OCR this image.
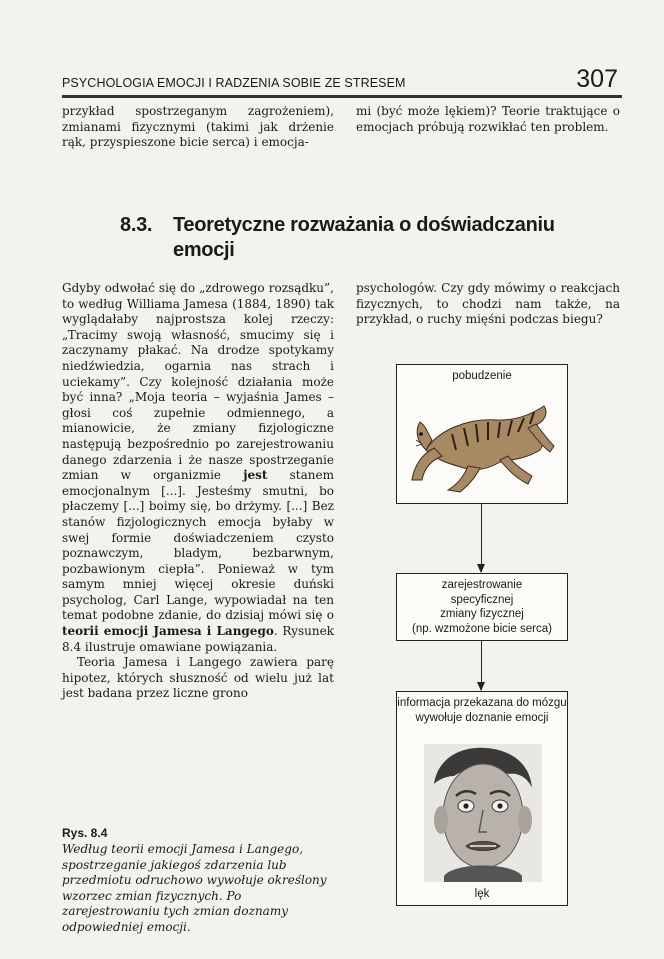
PSYCHOLOGIA EMOCJI I RADZENIA SOBIE ZE STRESEM	307

przykład spostrzeganym zagrożeniem), zmianami fizycznymi (takimi jak drżenie rąk, przyspieszone bicie serca) i emocja-

mi (być może lękiem)? Teorie traktujące o emocjach próbują rozwikłać ten problem.

8.3.	Teoretyczne rozważania o doświadczaniu emocji

Gdyby odwołać się do „zdrowego rozsądku”, to według Williama Jamesa (1884, 1890) tak wyglądałaby najprostsza kolej rzeczy: „Tracimy swoją własność, smucimy się i zaczynamy płakać. Na drodze spotykamy niedźwiedzia, ogarnia nas strach i uciekamy”. Czy kolejność działania może być inna? „Moja teoria – wyjaśnia James – głosi coś zupełnie odmiennego, a mianowicie, że zmiany fizjologiczne następują bezpośrednio po zarejestrowaniu danego zdarzenia i że nasze spostrzeganie zmian w organizmie jest stanem emocjonalnym [...]. Jesteśmy smutni, bo płaczemy [...] boimy się, bo drżymy. [...] Bez stanów fizjologicznych emocja byłaby w swej formie doświadczeniem czysto poznawczym, bladym, bezbarwnym, pozbawionym ciepła”. Ponieważ w tym samym mniej więcej okresie duński psycholog, Carl Lange, wypowiadał na ten temat podobne zdanie, do dzisiaj mówi się o teorii emocji Jamesa i Langego. Rysunek 8.4 ilustruje omawiane powiązania.

Teoria Jamesa i Langego zawiera parę hipotez, których słuszność od wielu już lat jest badana przez liczne grono

psychologów. Czy gdy mówimy o reakcjach fizycznych, to chodzi nam także, na przykład, o ruchy mięśni podczas biegu?

Rys. 8.4
Według teorii emocji Jamesa i Langego, spostrzeganie jakiegoś zdarzenia lub przedmiotu odruchowo wywołuje określony wzorzec zmian fizycznych. Po zarejestrowaniu tych zmian doznamy odpowiedniej emocji.
pobudzenie
zarejestrowanie
specyficznej
zmiany fizycznej
(np. wzmożone bicie serca)
informacja przekazana do mózgu
wywołuje doznanie emocji
lęk
